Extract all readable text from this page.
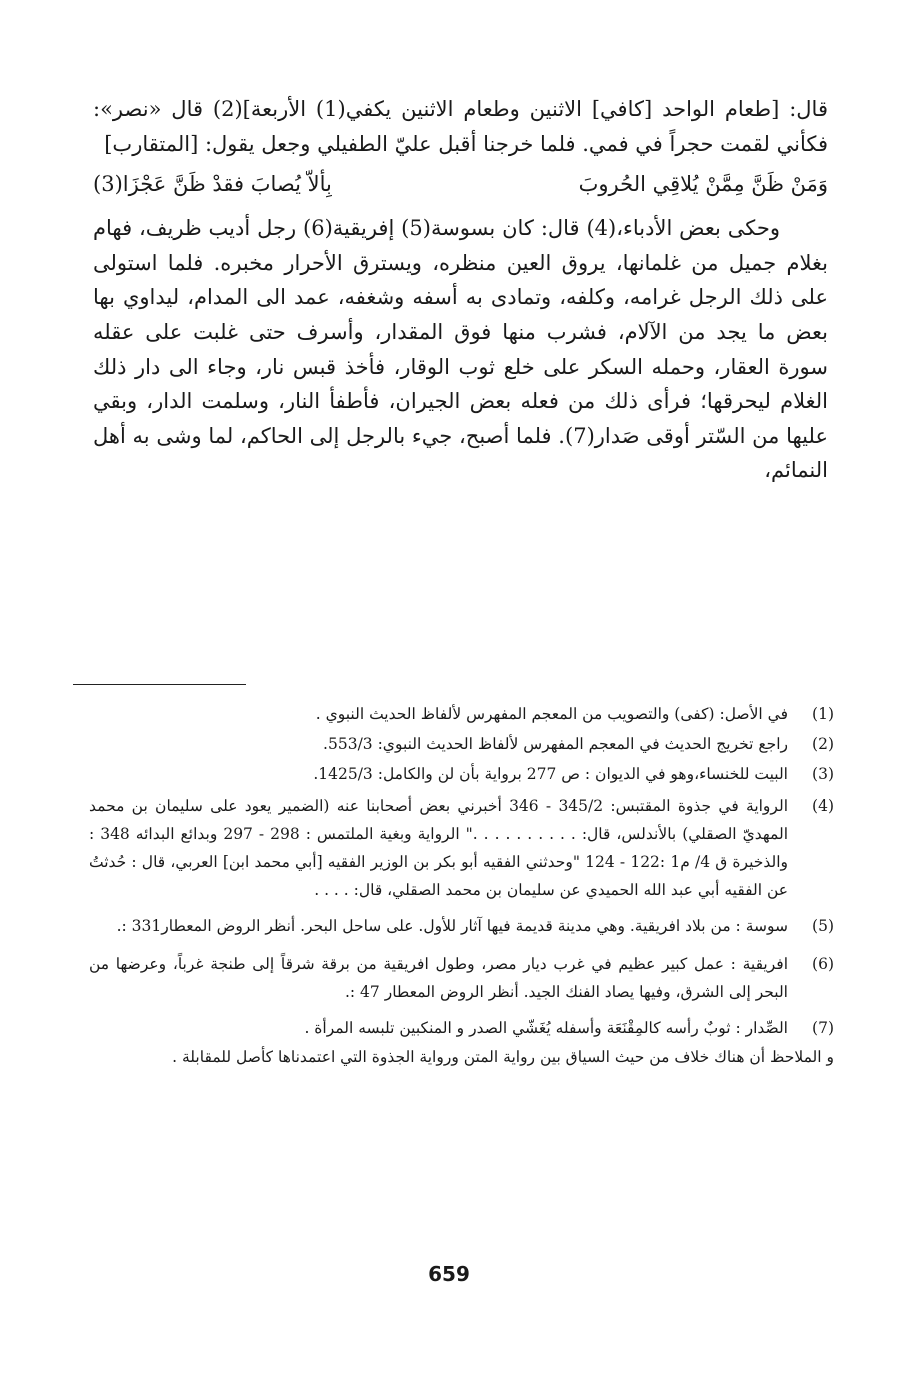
قال: [طعام الواحد [كافي] الاثنين وطعام الاثنين يكفي(1) الأربعة](2) قال «نصر»: فكأني لقمت حجراً في فمي. فلما خرجنا أقبل عليّ الطفيلي وجعل يقول: [المتقارب]

وَمَنْ ظَنَّ مِمَّنْ يُلاقِي الحُروبَ
بِألاّ يُصابَ فقدْ ظَنَّ عَجْزَا(3)

وحكى بعض الأدباء،(4) قال: كان بسوسة(5) إفريقية(6) رجل أديب ظريف، فهام بغلام جميل من غلمانها، يروق العين منظره، ويسترق الأحرار مخبره. فلما استولى على ذلك الرجل غرامه، وكلفه، وتمادى به أسفه وشغفه، عمد الى المدام، ليداوي بها بعض ما يجد من الآلام، فشرب منها فوق المقدار، وأسرف حتى غلبت على عقله سورة العقار، وحمله السكر على خلع ثوب الوقار، فأخذ قبس نار، وجاء الى دار ذلك الغلام ليحرقها؛ فرأى ذلك من فعله بعض الجيران، فأطفأ النار، وسلمت الدار، وبقي عليها من السّتر أوقى صَدار(7). فلما أصبح، جيء بالرجل إلى الحاكم، لما وشى به أهل النمائم،

(1)
في الأصل: (كفى) والتصويب من المعجم المفهرس لألفاظ الحديث النبوي .
(2)
راجع تخريج الحديث في المعجم المفهرس لألفاظ الحديث النبوي: 553/3.
(3)
البيت للخنساء،وهو في الديوان : ص 277 برواية بأن لن والكامل: 1425/3.
(4)
الرواية في جذوة المقتبس: 345/2 - 346 أخبرني بعض أصحابنا عنه (الضمير يعود على سليمان بن محمد المهديّ الصقلي) بالأندلس، قال: . . . . . . . . . ." الرواية وبغية الملتمس : 298 - 297 وبدائع البدائه 348 : والذخيرة ق 4/ م1 :122 - 124 "وحدثني الفقيه أبو بكر بن الوزير الفقيه [أبي محمد ابن] العربي، قال : حُدثتُ عن الفقيه أبي عبد الله الحميدي عن سليمان بن محمد الصقلي، قال: . . . .
(5)
سوسة : من بلاد افريقية. وهي مدينة قديمة فيها آثار للأول. على ساحل البحر. أنظر الروض المعطار331 :.
(6)
افريقية : عمل كبير عظيم في غرب ديار مصر، وطول افريقية من برقة شرقاً إلى طنجة غرباً، وعرضها من البحر إلى الشرق، وفيها يصاد الفنك الجيد. أنظر الروض المعطار 47 :.
(7)
الصِّدار : ثوبٌ رأسه كالمِقْنَعَة وأسفله يُغَشّي الصدر و المنكبين تلبسه المرأة .
و الملاحظ أن هناك خلاف من حيث السياق بين رواية المتن ورواية الجذوة التي اعتمدناها كأصل للمقابلة .
659
